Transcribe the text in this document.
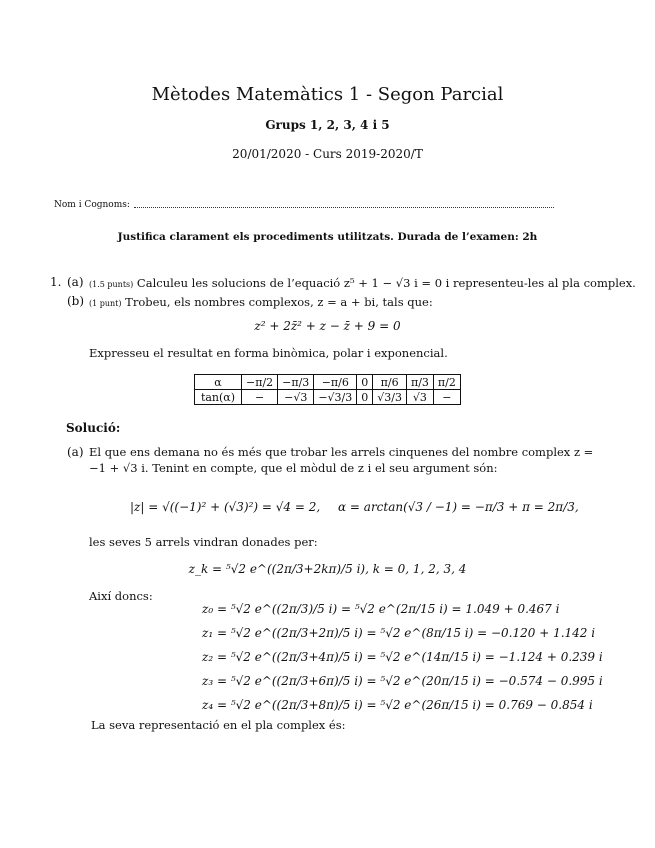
Mètodes Matemàtics 1 - Segon Parcial
Grups 1, 2, 3, 4 i 5
20/01/2020 - Curs 2019-2020/T
Nom i Cognoms:
Justifica clarament els procediments utilitzats. Durada de l’examen: 2h
1. (a) (1.5 punts) Calculeu les solucions de l’equació z⁵ + 1 − √3 i = 0 i representeu-les al pla complex.
(b) (1 punt) Trobeu, els nombres complexos, z = a + bi, tals que:
z² + 2z̄² + z − z̄ + 9 = 0
Expresseu el resultat en forma binòmica, polar i exponencial.
α	−π/2	−π/3	−π/6	0	π/6	π/3	π/2
tan(α)	−	−√3	−√3/3	0	√3/3	√3	−
Solució:
(a) El que ens demana no és més que trobar les arrels cinquenes del nombre complex z =
−1 + √3 i. Tenint en compte, que el mòdul de z i el seu argument són:
|z| = √((−1)² + (√3)²) = √4 = 2, α = arctan(√3 / −1) = −π/3 + π = 2π/3,
les seves 5 arrels vindran donades per:
z_k = ⁵√2 e^((2π/3+2kπ)/5 i), k = 0, 1, 2, 3, 4
Així doncs:
z₀ = ⁵√2 e^((2π/3)/5 i) = ⁵√2 e^(2π/15 i) = 1.049 + 0.467 i
z₁ = ⁵√2 e^((2π/3+2π)/5 i) = ⁵√2 e^(8π/15 i) = −0.120 + 1.142 i
z₂ = ⁵√2 e^((2π/3+4π)/5 i) = ⁵√2 e^(14π/15 i) = −1.124 + 0.239 i
z₃ = ⁵√2 e^((2π/3+6π)/5 i) = ⁵√2 e^(20π/15 i) = −0.574 − 0.995 i
z₄ = ⁵√2 e^((2π/3+8π)/5 i) = ⁵√2 e^(26π/15 i) = 0.769 − 0.854 i
La seva representació en el pla complex és:
